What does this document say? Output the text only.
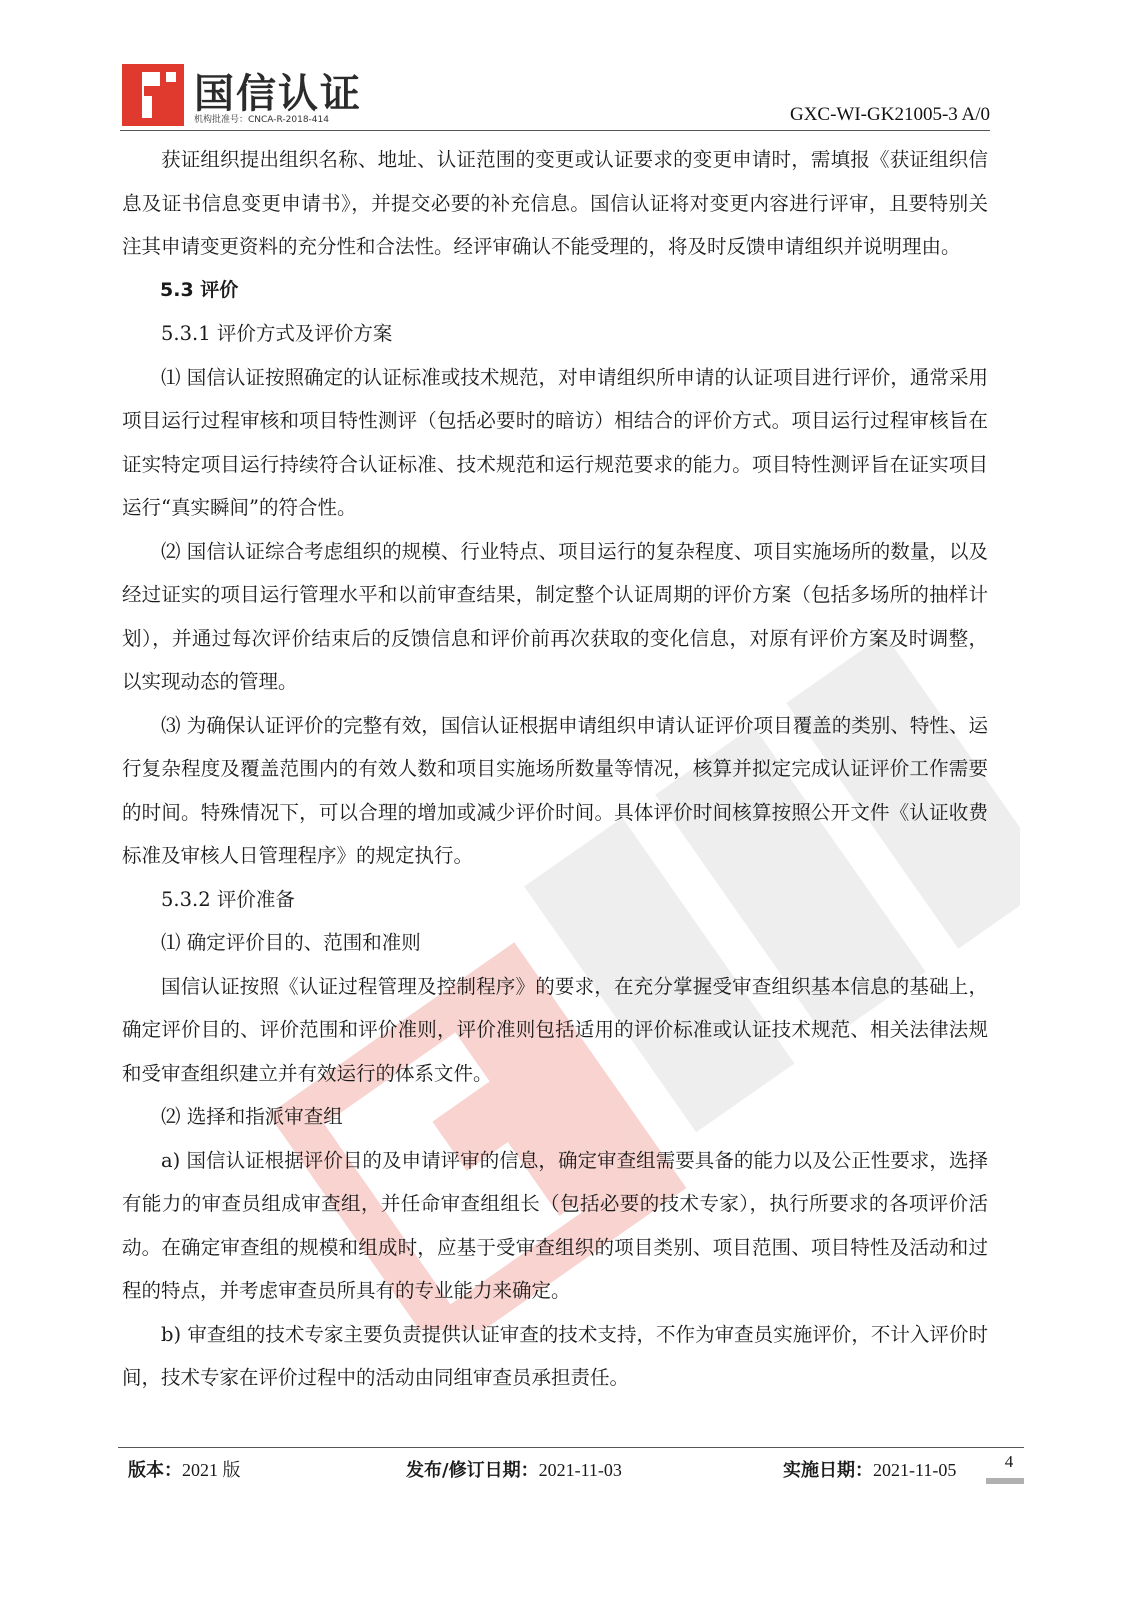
国信认证
机构批准号：CNCA-R-2018-414	GXC-WI-GK21005-3 A/0

获证组织提出组织名称、地址、认证范围的变更或认证要求的变更申请时，需填报《获证组织信息及证书信息变更申请书》，并提交必要的补充信息。国信认证将对变更内容进行评审，且要特别关注其申请变更资料的充分性和合法性。经评审确认不能受理的，将及时反馈申请组织并说明理由。

5.3 评价

5.3.1 评价方式及评价方案

⑴ 国信认证按照确定的认证标准或技术规范，对申请组织所申请的认证项目进行评价，通常采用项目运行过程审核和项目特性测评（包括必要时的暗访）相结合的评价方式。项目运行过程审核旨在证实特定项目运行持续符合认证标准、技术规范和运行规范要求的能力。项目特性测评旨在证实项目运行“真实瞬间”的符合性。

⑵ 国信认证综合考虑组织的规模、行业特点、项目运行的复杂程度、项目实施场所的数量，以及经过证实的项目运行管理水平和以前审查结果，制定整个认证周期的评价方案（包括多场所的抽样计划），并通过每次评价结束后的反馈信息和评价前再次获取的变化信息，对原有评价方案及时调整，以实现动态的管理。

⑶ 为确保认证评价的完整有效，国信认证根据申请组织申请认证评价项目覆盖的类别、特性、运行复杂程度及覆盖范围内的有效人数和项目实施场所数量等情况，核算并拟定完成认证评价工作需要的时间。特殊情况下，可以合理的增加或减少评价时间。具体评价时间核算按照公开文件《认证收费标准及审核人日管理程序》的规定执行。

5.3.2 评价准备

⑴ 确定评价目的、范围和准则

国信认证按照《认证过程管理及控制程序》的要求，在充分掌握受审查组织基本信息的基础上，确定评价目的、评价范围和评价准则，评价准则包括适用的评价标准或认证技术规范、相关法律法规和受审查组织建立并有效运行的体系文件。

⑵ 选择和指派审查组

a) 国信认证根据评价目的及申请评审的信息，确定审查组需要具备的能力以及公正性要求，选择有能力的审查员组成审查组，并任命审查组组长（包括必要的技术专家），执行所要求的各项评价活动。在确定审查组的规模和组成时，应基于受审查组织的项目类别、项目范围、项目特性及活动和过程的特点，并考虑审查员所具有的专业能力来确定。

b) 审查组的技术专家主要负责提供认证审查的技术支持，不作为审查员实施评价，不计入评价时间，技术专家在评价过程中的活动由同组审查员承担责任。

版本：2021 版	发布/修订日期：2021-11-03	实施日期：2021-11-05	4
